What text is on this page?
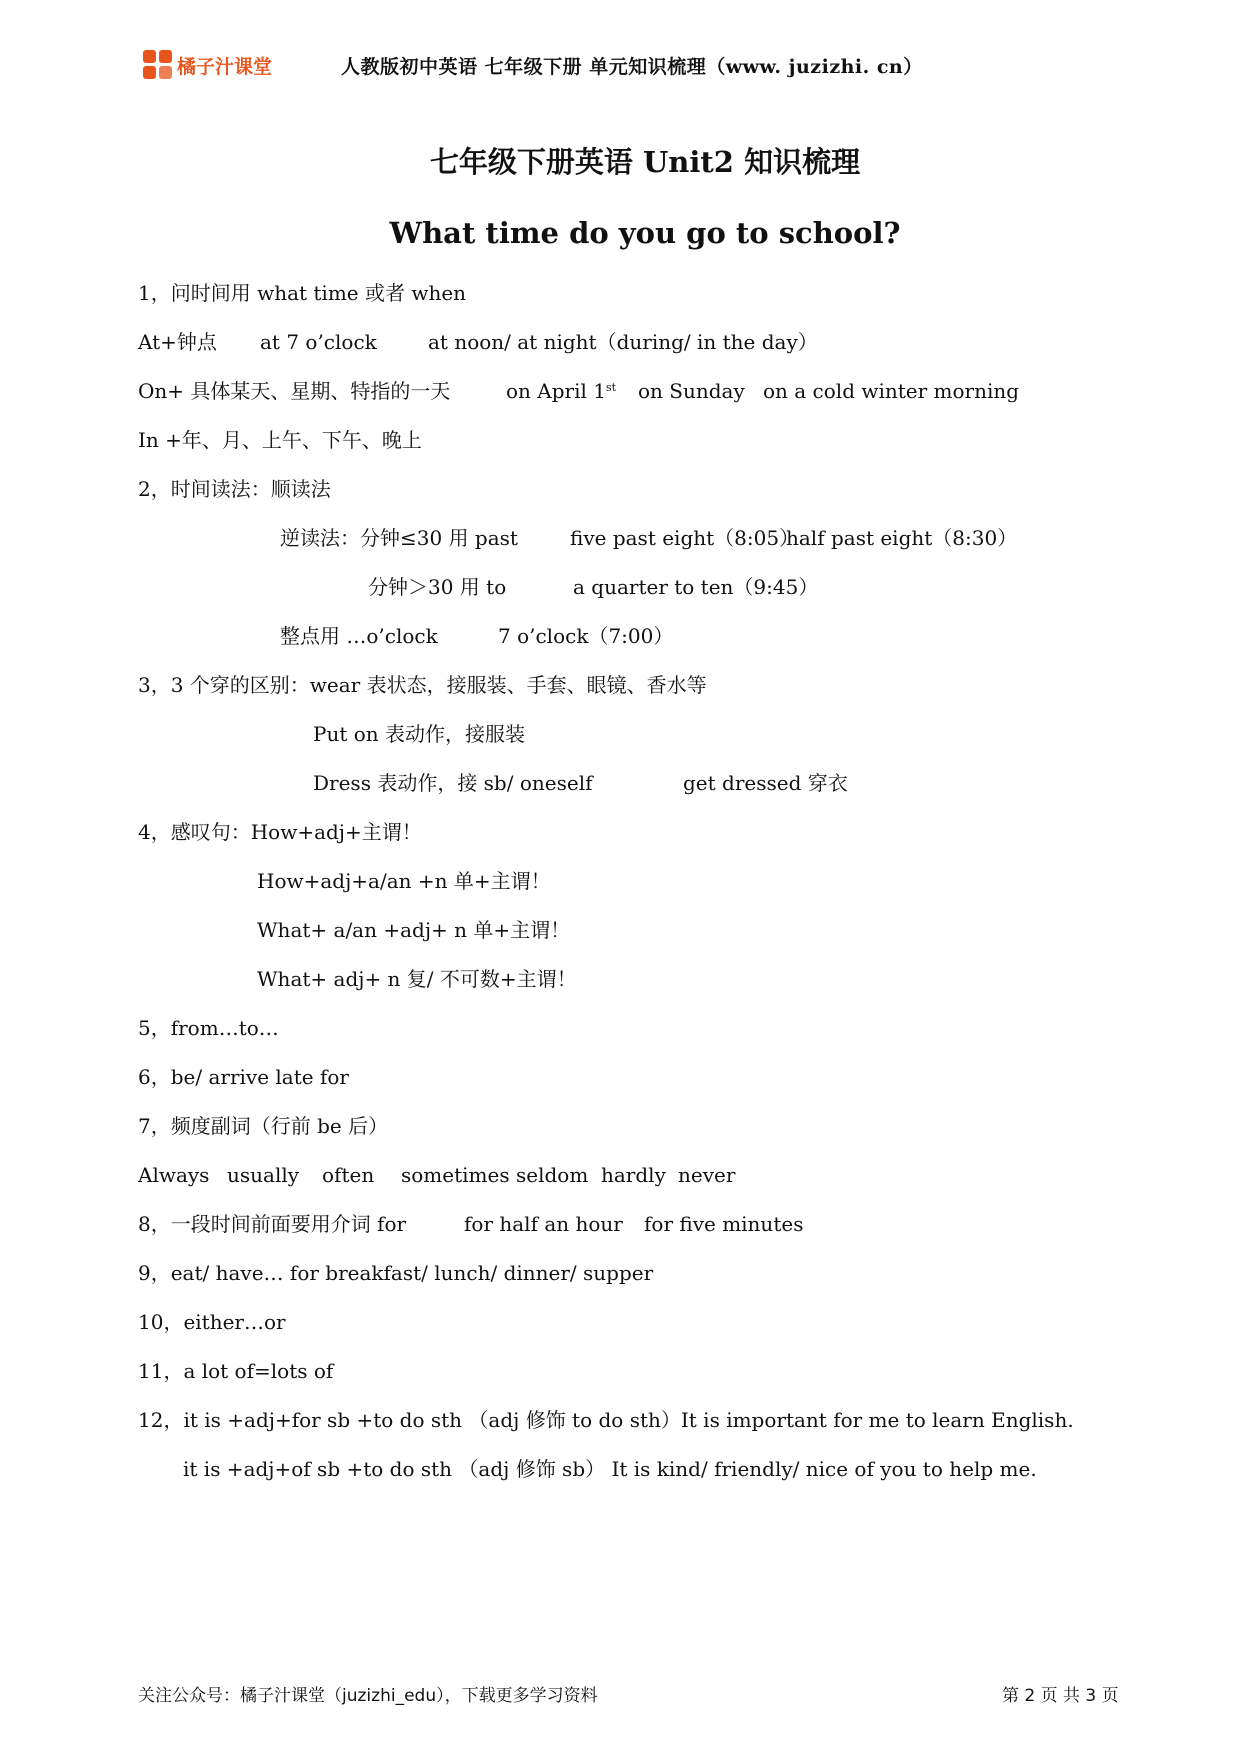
橘子汁课堂	人教版初中英语 七年级下册 单元知识梳理（www. juzizhi. cn）
七年级下册英语 Unit2 知识梳理
What time do you go to school?
1，问时间用 what time 或者 when

At+钟点

at 7 o’clock

	at noon/ at night（during/ in the day）

On+ 具体某天、星期、特指的一天

	on April 1st

on Sunday

on a cold winter morning

In +年、月、上午、下午、晚上
2，时间读法：顺读法

逆读法：分钟≤30 用 past

	five past eight（8:05）

half past eight（8:30）

分钟＞30 用 to

	a quarter to ten（9:45）

整点用 …o’clock

	7 o’clock（7:00）

3，3 个穿的区别：wear 表状态，接服装、手套、眼镜、香水等
Put on 表动作，接服装

Dress 表动作，接 sb/ oneself

	get dressed 穿衣

4，感叹句：How+adj+主谓！
How+adj+a/an +n 单+主谓！
What+ a/an +adj+ n 单+主谓！
What+ adj+ n 复/ 不可数+主谓！
5，from…to…
6，be/ arrive late for
7，频度副词（行前 be 后）

Always

usually

often

sometimes

seldom

hardly

never

8，一段时间前面要用介词 for

	for half an hour

for five minutes

9，eat/ have… for breakfast/ lunch/ dinner/ supper
10，either…or
11，a lot of=lots of
12，it is +adj+for sb +to do sth （adj 修饰 to do sth）It is important for me to learn English.
it is +adj+of sb +to do sth （adj 修饰 sb） It is kind/ friendly/ nice of you to help me.
关注公众号：橘子汁课堂（juzizhi_edu），下载更多学习资料	第 2 页 共 3 页
